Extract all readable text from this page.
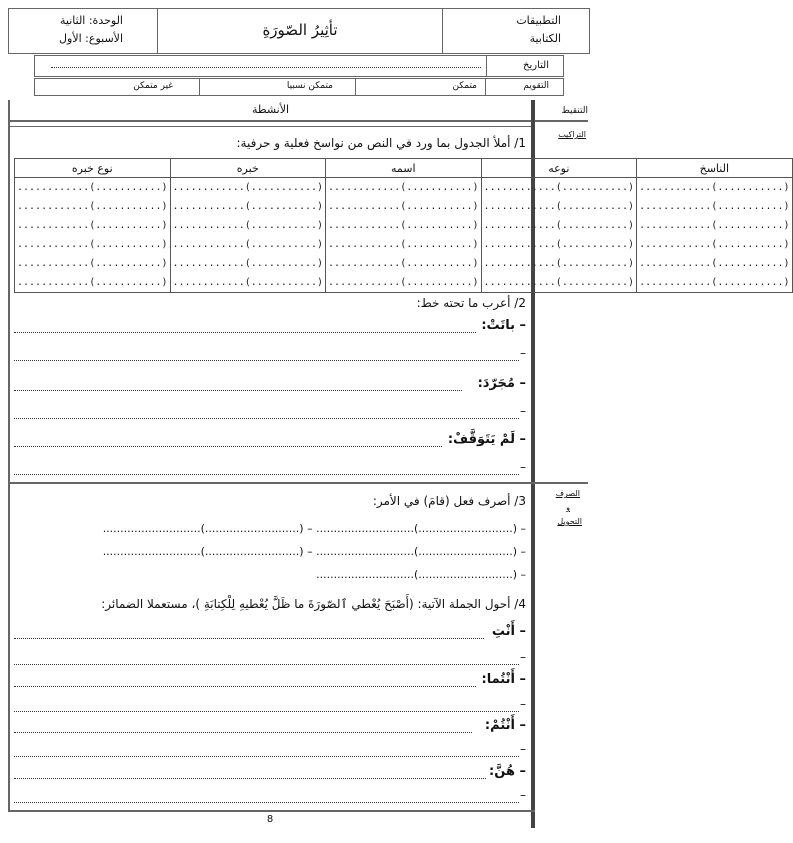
الوحدة: الثانية
الأسبوع: الأول	تأثِيرُ الصّورَةِ
التطبيقات
الكتابية
التاريخ
غير متمكن	متمكن نسبيا	متمكن	التقويم
الأنشطة	التنقيط
التراكيب
الصرف
و
التحويل
1/ أملأ الجدول بما ورد في النص من نواسخ فعلية و حرفية:
الناسخ	نوعه	اسمه	خبره	نوع خبره
(...........)............	(...........)............	(...........)............	(...........)............	(...........)............
(...........)............	(...........)............	(...........)............	(...........)............	(...........)............
(...........)............	(...........)............	(...........)............	(...........)............	(...........)............
(...........)............	(...........)............	(...........)............	(...........)............	(...........)............
(...........)............	(...........)............	(...........)............	(...........)............	(...........)............
(...........)............	(...........)............	(...........)............	(...........)............	(...........)............
2/ أعرب ما تحته خط:
– باتَتْ:
–
– مُجَرّدَ:
–
– لَمْ يَتَوَقَّفْ:
–
3/ أصرف فعل (قامَ) في الأمر:
– (...........................)............................ – (...........................)............................
– (...........................)............................ – (...........................)............................
– (...........................)............................
4/ أحول الجملة الآتية: (أَصْبَحَ يُعْطي ٱلصّورَةَ ما ظَلَّ يُعْطيهِ لِلْكِتابَةِ )، مستعملا الضمائر:
– أَنْتِ
–
– أَنْتُما:
–
– أَنْتُمْ:
–
– هُنَّ:
–
8
